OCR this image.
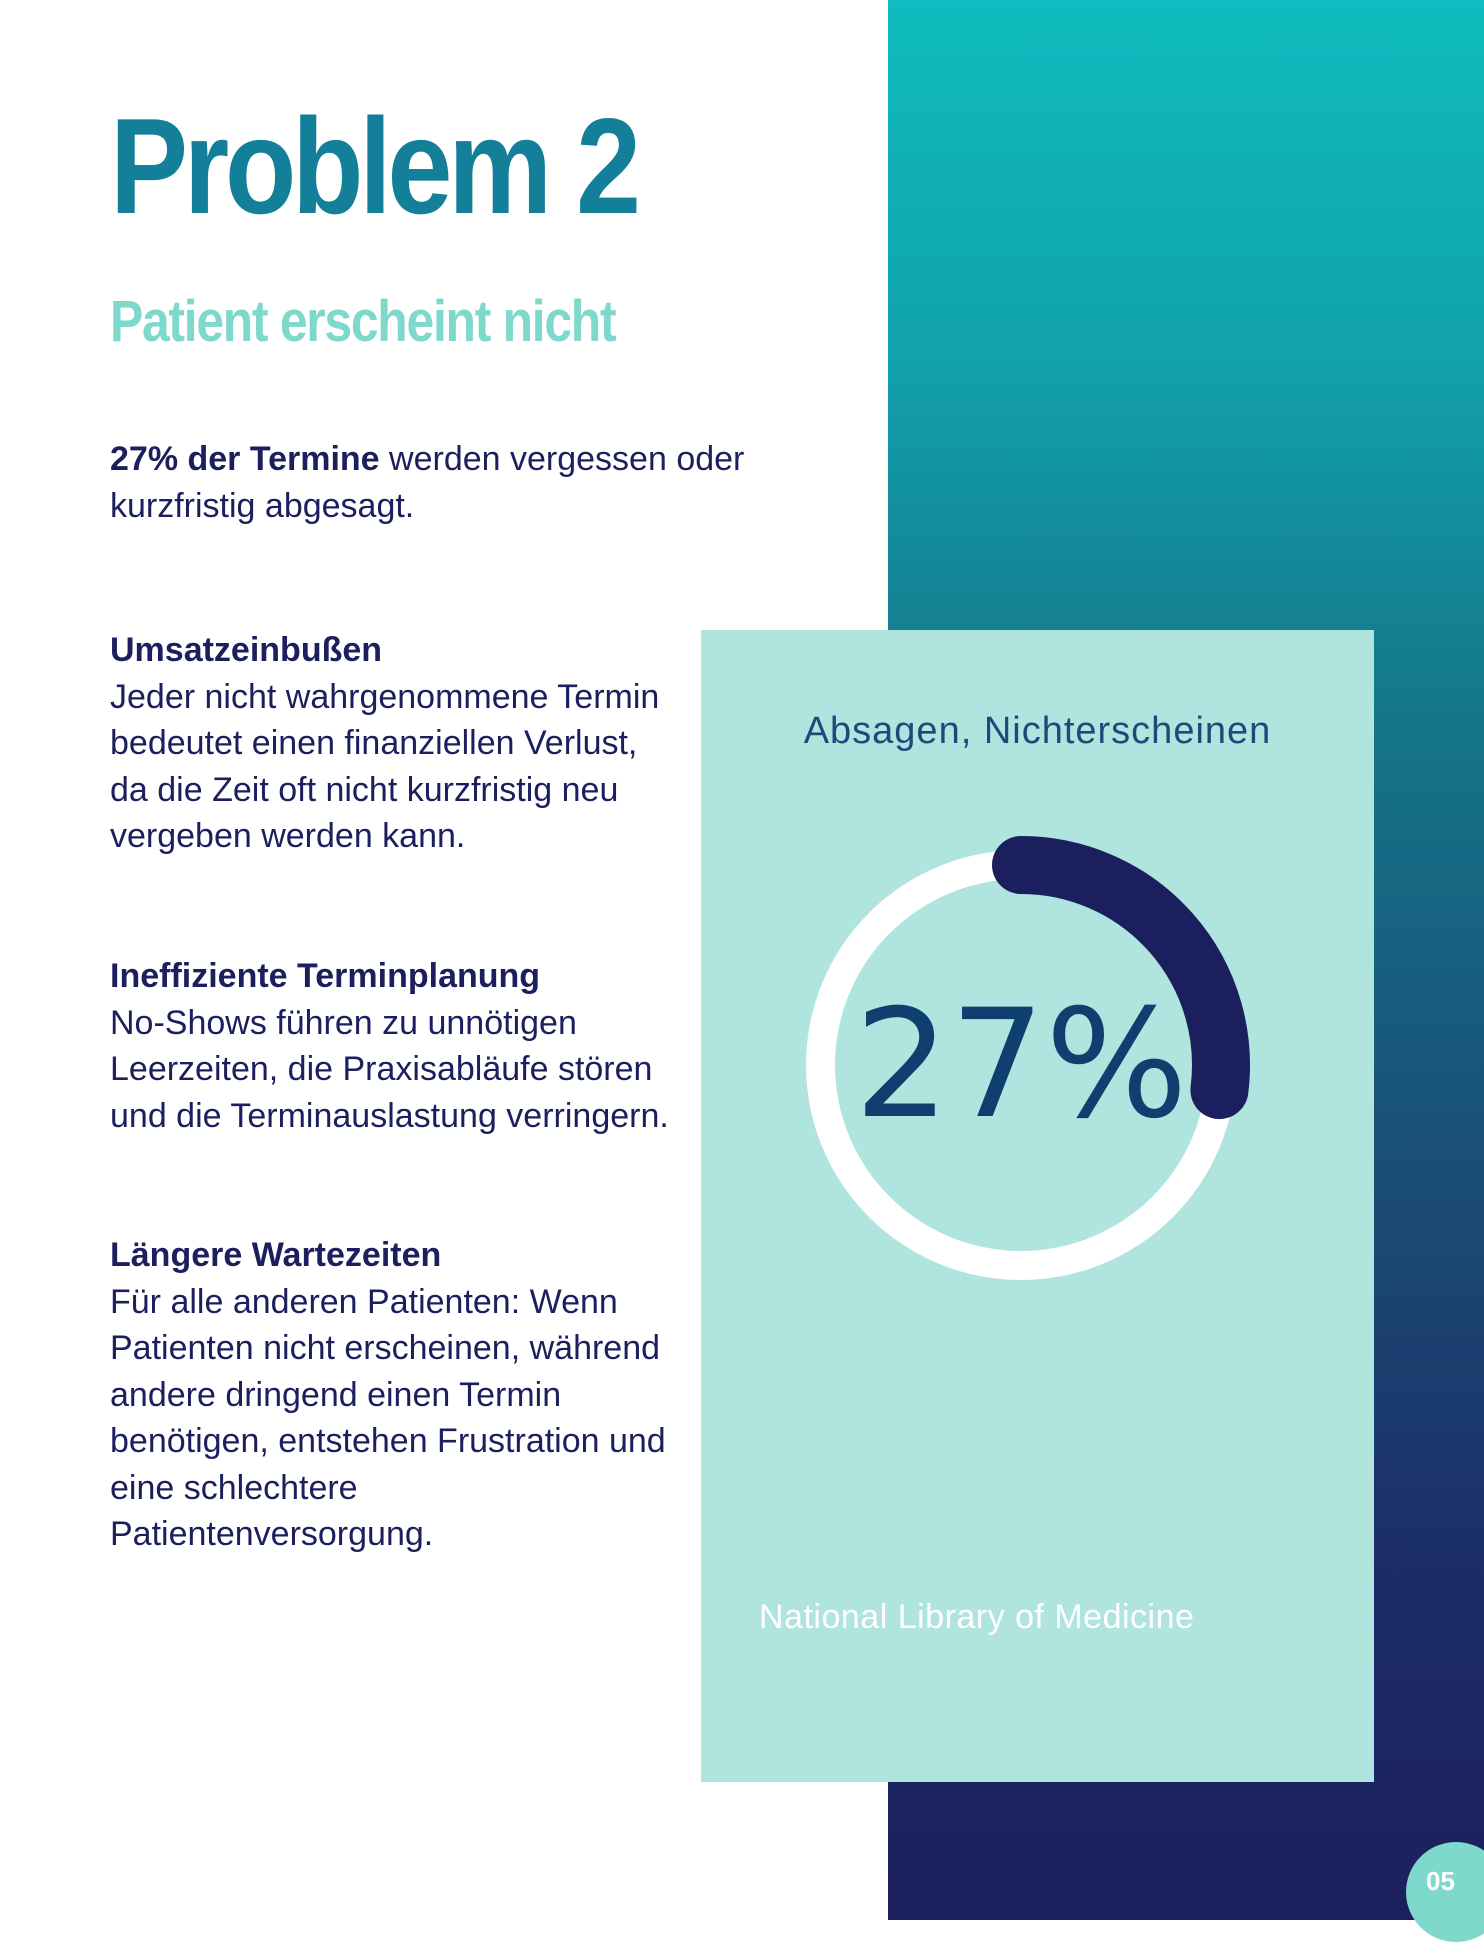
Problem 2
Patient erscheint nicht

27% der Termine werden vergessen oder kurzfristig abgesagt.

Umsatzeinbußen
Jeder nicht wahrgenommene Termin bedeutet einen finanziellen Verlust, da die Zeit oft nicht kurzfristig neu vergeben werden kann.
Ineffiziente Terminplanung
No-Shows führen zu unnötigen Leerzeiten, die Praxisabläufe stören und die Terminauslastung verringern.
Längere Wartezeiten
Für alle anderen Patienten: Wenn Patienten nicht erscheinen, während andere dringend einen Termin benötigen, entstehen Frustration und eine schlechtere Patientenversorgung.
Absagen, Nichterscheinen
27%
National Library of Medicine
05
